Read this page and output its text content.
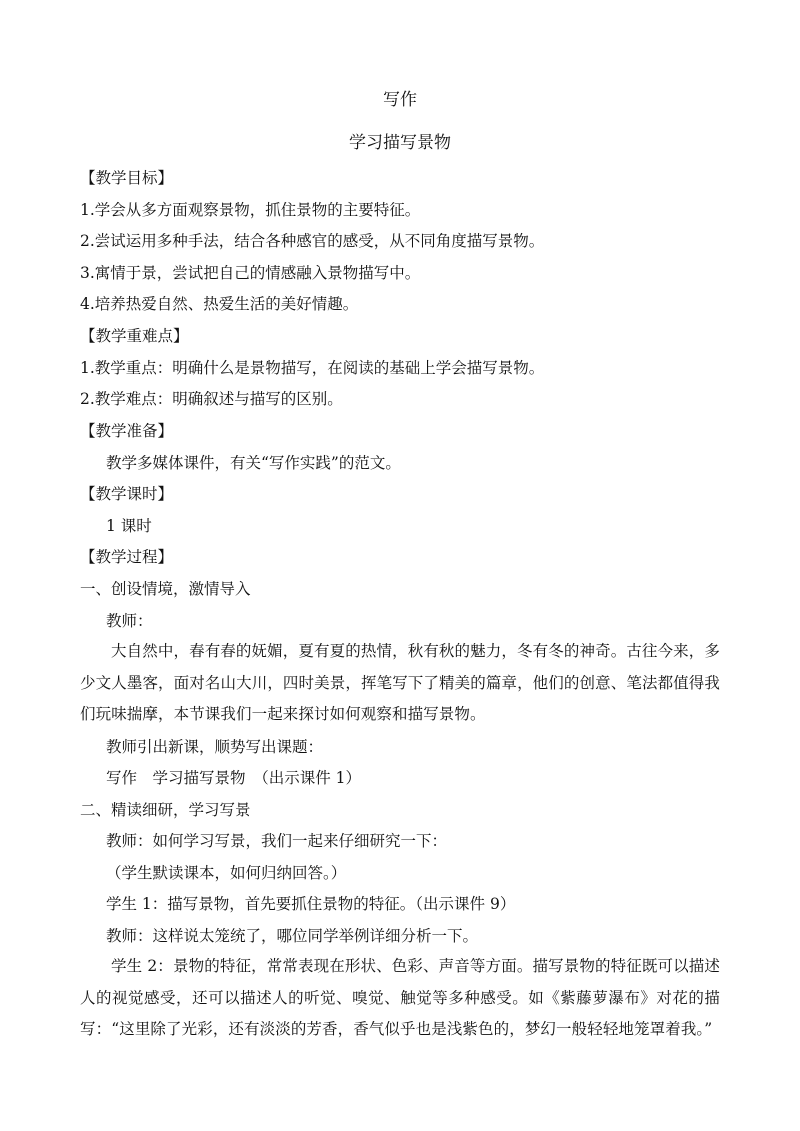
写作
学习描写景物
【教学目标】
1.学会从多方面观察景物，抓住景物的主要特征。
2.尝试运用多种手法，结合各种感官的感受，从不同角度描写景物。
3.寓情于景，尝试把自己的情感融入景物描写中。
4.培养热爱自然、热爱生活的美好情趣。
【教学重难点】
1.教学重点：明确什么是景物描写，在阅读的基础上学会描写景物。
2.教学难点：明确叙述与描写的区别。
【教学准备】
教学多媒体课件，有关“写作实践”的范文。
【教学课时】
1 课时
【教学过程】
一、创设情境，激情导入
教师：
大自然中，春有春的妩媚，夏有夏的热情，秋有秋的魅力，冬有冬的神奇。古往今来，多少文人墨客，面对名山大川，四时美景，挥笔写下了精美的篇章，他们的创意、笔法都值得我们玩味揣摩，本节课我们一起来探讨如何观察和描写景物。
教师引出新课，顺势写出课题：
写作　学习描写景物　（出示课件 1）
二、精读细研，学习写景
教师：如何学习写景，我们一起来仔细研究一下：
（学生默读课本，如何归纳回答。）
学生 1：描写景物，首先要抓住景物的特征。（出示课件 9）
教师：这样说太笼统了，哪位同学举例详细分析一下。
学生 2：景物的特征，常常表现在形状、色彩、声音等方面。描写景物的特征既可以描述人的视觉感受，还可以描述人的听觉、嗅觉、触觉等多种感受。如《紫藤萝瀑布》对花的描写：“这里除了光彩，还有淡淡的芳香，香气似乎也是浅紫色的，梦幻一般轻轻地笼罩着我。”
